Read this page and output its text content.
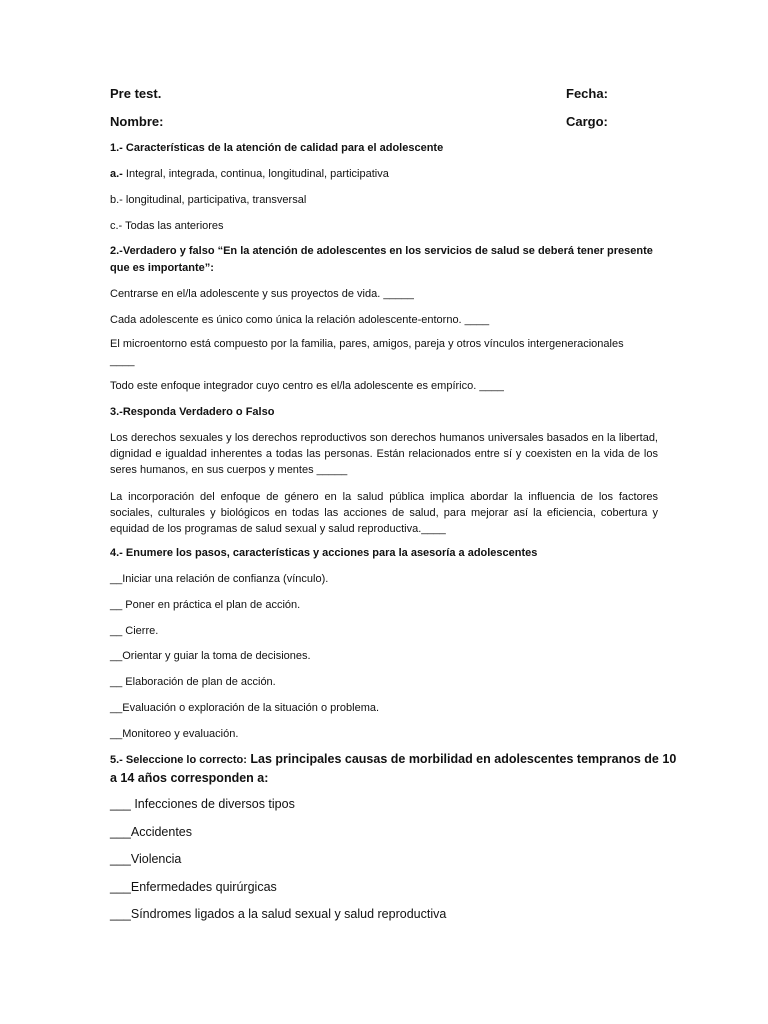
Pre test.	Fecha:
Nombre:	Cargo:
1.- Características de la atención de calidad para el adolescente
a.- Integral, integrada, continua, longitudinal, participativa
b.- longitudinal, participativa, transversal
c.- Todas las anteriores
2.-Verdadero y falso “En la atención de adolescentes en los servicios de salud se deberá tener presente
que es importante”:
Centrarse en el/la adolescente y sus proyectos de vida. _____
Cada adolescente es único como única la relación adolescente-entorno. ____
El microentorno está compuesto por la familia, pares, amigos, pareja y otros vínculos intergeneracionales
____
Todo este enfoque integrador cuyo centro es el/la adolescente es empírico. ____
3.-Responda Verdadero o Falso
Los derechos sexuales y los derechos reproductivos son derechos humanos universales basados en la libertad, dignidad e igualdad inherentes a todas las personas. Están relacionados entre sí y coexisten en la vida de los seres humanos, en sus cuerpos y mentes _____
La incorporación del enfoque de género en la salud pública implica abordar la influencia de los factores sociales, culturales y biológicos en todas las acciones de salud, para mejorar así la eficiencia, cobertura y equidad de los programas de salud sexual y salud reproductiva.____
4.- Enumere los pasos, características y acciones para la asesoría a adolescentes
__Iniciar una relación de confianza (vínculo).
__ Poner en práctica el plan de acción.
__ Cierre.
__Orientar y guiar la toma de decisiones.
__ Elaboración de plan de acción.
__Evaluación o exploración de la situación o problema.
__Monitoreo y evaluación.
5.- Seleccione lo correcto: Las principales causas de morbilidad en adolescentes tempranos de 10
a 14 años corresponden a:
___ Infecciones de diversos tipos
___Accidentes
___Violencia
___Enfermedades quirúrgicas
___Síndromes ligados a la salud sexual y salud reproductiva
